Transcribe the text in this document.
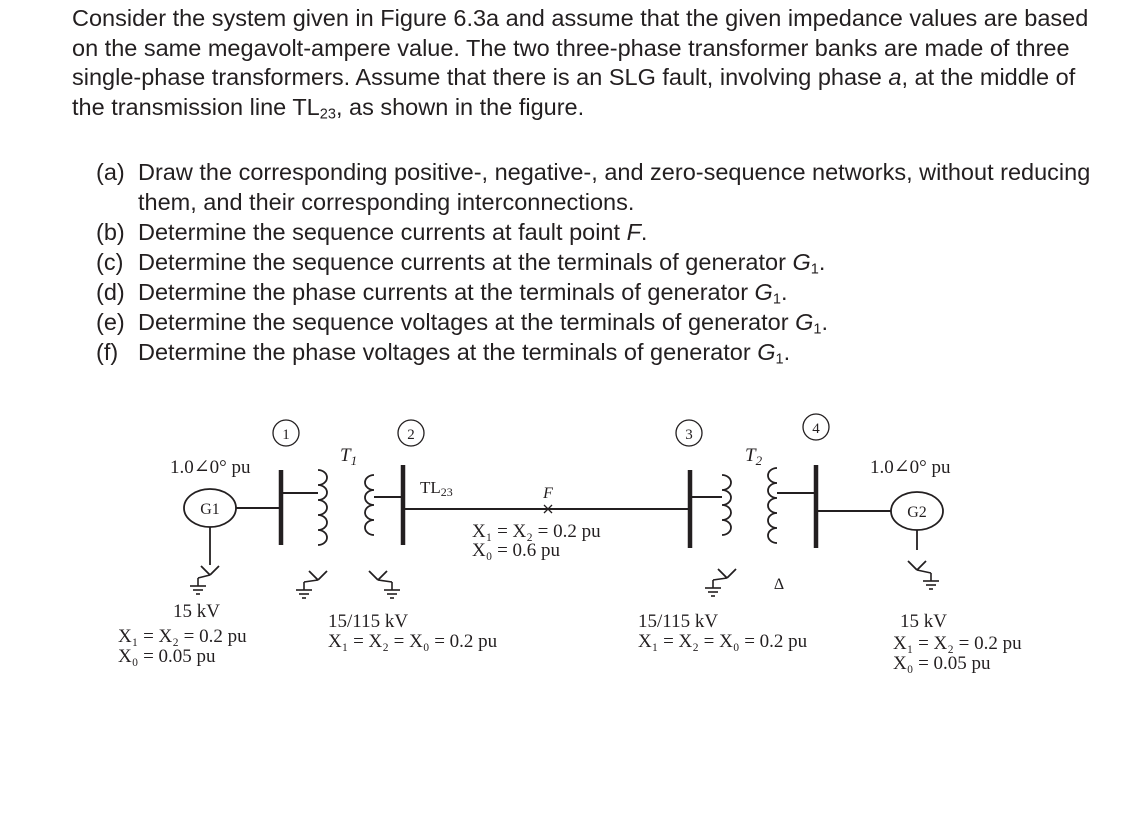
Consider the system given in Figure 6.3a and assume that the given impedance values are based on the same megavolt-ampere value. The two three-phase transformer banks are made of three single-phase transformers. Assume that there is an SLG fault, involving phase a, at the middle of the transmission line $TL_{23}$, as shown in the figure.

(a) Draw the corresponding positive-, negative-, and zero-sequence networks, without reducing them, and their corresponding interconnections.
(b) Determine the sequence currents at fault point F.
(c) Determine the sequence currents at the terminals of generator $G_1$.
(d) Determine the phase currents at the terminals of generator $G_1$.
(e) Determine the sequence voltages at the terminals of generator $G_1$.
(f) Determine the phase voltages at the terminals of generator $G_1$.
G1
1
$T_1$
2
TL23	F
X₁ = X₂ = 0.2 pu
X₀ = 0.6 pu
3
$T_2$
Δ
4
G2
1.0∠0° pu	1.0∠0° pu
15 kV
X₁ = X₂ = 0.2 pu
X₀ = 0.05 pu
15/115 kV
X₁ = X₂ = X₀ = 0.2 pu
15/115 kV
X₁ = X₂ = X₀ = 0.2 pu
15 kV
X₁ = X₂ = 0.2 pu
X₀ = 0.05 pu
